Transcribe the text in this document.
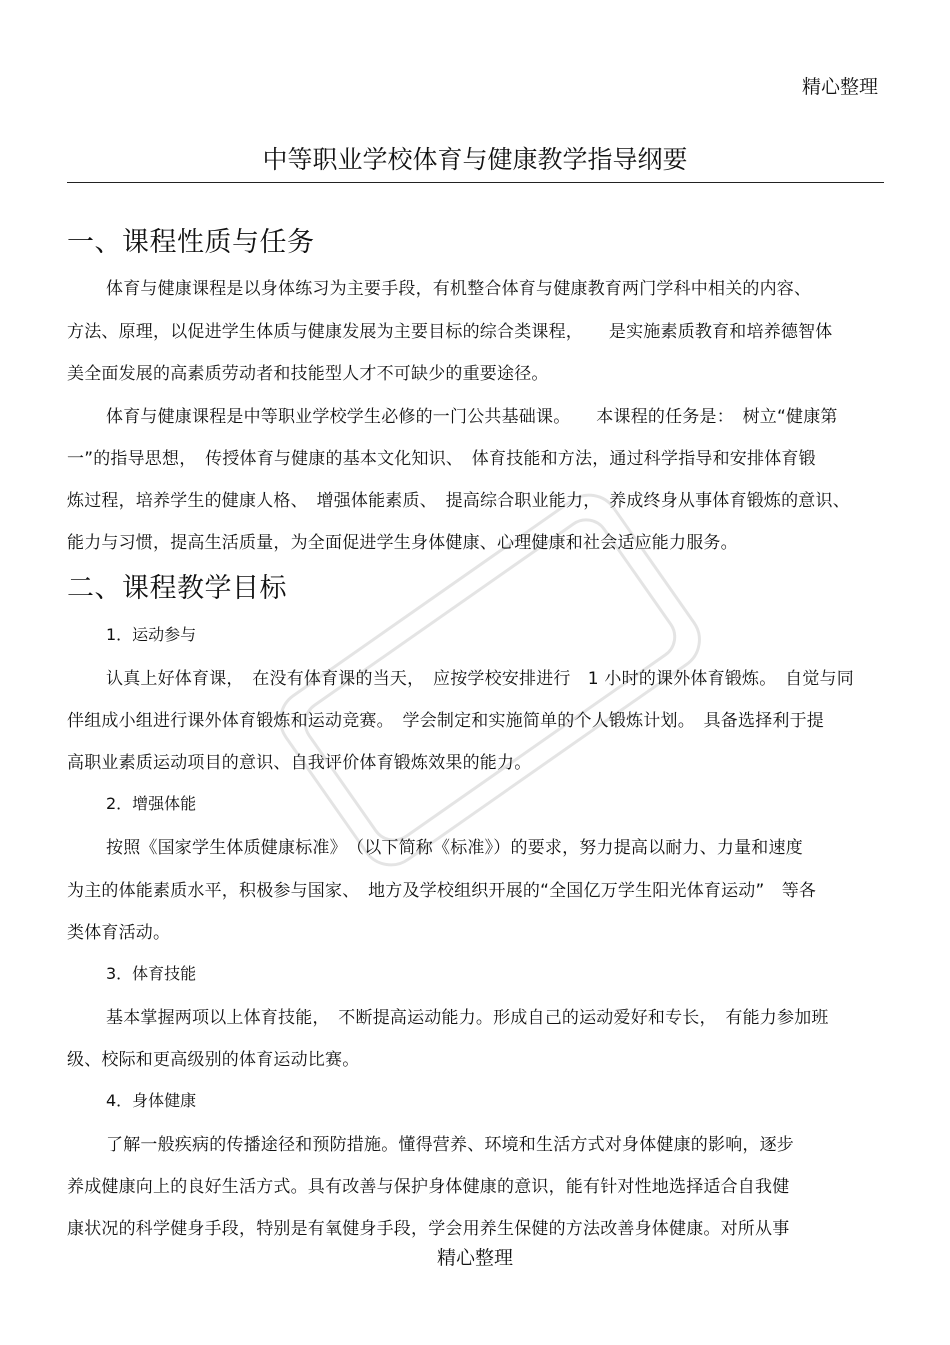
精心整理
中等职业学校体育与健康教学指导纲要
一、课程性质与任务
体育与健康课程是以身体练习为主要手段，有机整合体育与健康教育两门学科中相关的内容、
方法、原理，以促进学生体质与健康发展为主要目标的综合类课程，　　是实施素质教育和培养德智体
美全面发展的高素质劳动者和技能型人才不可缺少的重要途径。
体育与健康课程是中等职业学校学生必修的一门公共基础课。　　本课程的任务是：　树立“健康第
一”的指导思想，　传授体育与健康的基本文化知识、　体育技能和方法，通过科学指导和安排体育锻
炼过程，培养学生的健康人格、　增强体能素质、　提高综合职业能力，　养成终身从事体育锻炼的意识、
能力与习惯，提高生活质量，为全面促进学生身体健康、心理健康和社会适应能力服务。
二、课程教学目标
1．运动参与
认真上好体育课，　在没有体育课的当天，　应按学校安排进行　1 小时的课外体育锻炼。　自觉与同
伴组成小组进行课外体育锻炼和运动竞赛。　学会制定和实施简单的个人锻炼计划。　具备选择利于提
高职业素质运动项目的意识、自我评价体育锻炼效果的能力。
2．增强体能
按照《国家学生体质健康标准》　（以下简称《标准》）的要求，努力提高以耐力、力量和速度
为主的体能素质水平，积极参与国家、　地方及学校组织开展的“全国亿万学生阳光体育运动”　等各
类体育活动。
3．体育技能
基本掌握两项以上体育技能，　不断提高运动能力。形成自己的运动爱好和专长，　有能力参加班
级、校际和更高级别的体育运动比赛。
4．身体健康
了解一般疾病的传播途径和预防措施。懂得营养、环境和生活方式对身体健康的影响，逐步
养成健康向上的良好生活方式。具有改善与保护身体健康的意识，能有针对性地选择适合自我健
康状况的科学健身手段，特别是有氧健身手段，学会用养生保健的方法改善身体健康。对所从事
精心整理
